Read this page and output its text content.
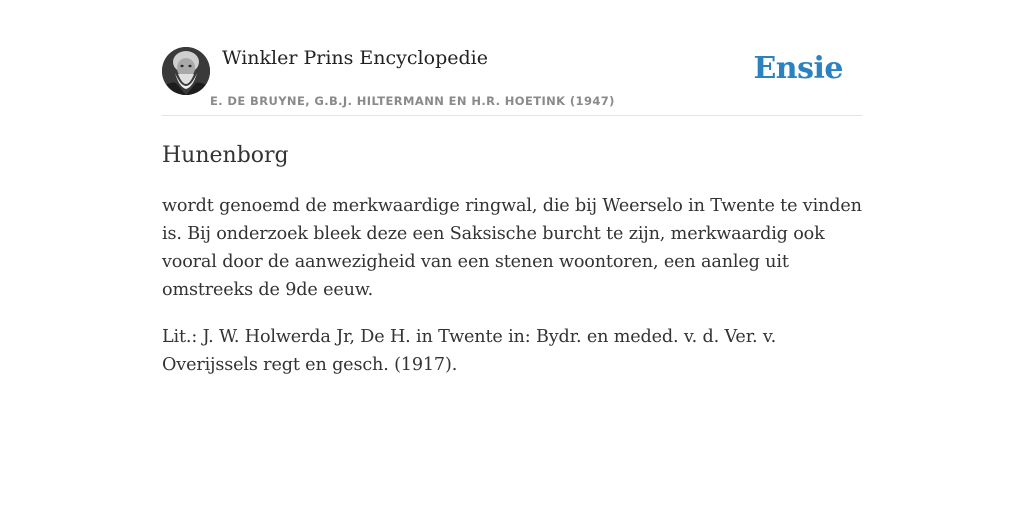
Winkler Prins Encyclopedie
E. DE BRUYNE, G.B.J. HILTERMANN EN H.R. HOETINK (1947)
Ensie
Hunenborg

wordt genoemd de merkwaardige ringwal, die bij Weerselo in Twente te vinden is. Bij onderzoek bleek deze een Saksische burcht te zijn, merkwaardig ook vooral door de aanwezigheid van een stenen woontoren, een aanleg uit omstreeks de 9de eeuw.

Lit.: J. W. Holwerda Jr, De H. in Twente in: Bydr. en meded. v. d. Ver. v. Overijssels regt en gesch. (1917).
